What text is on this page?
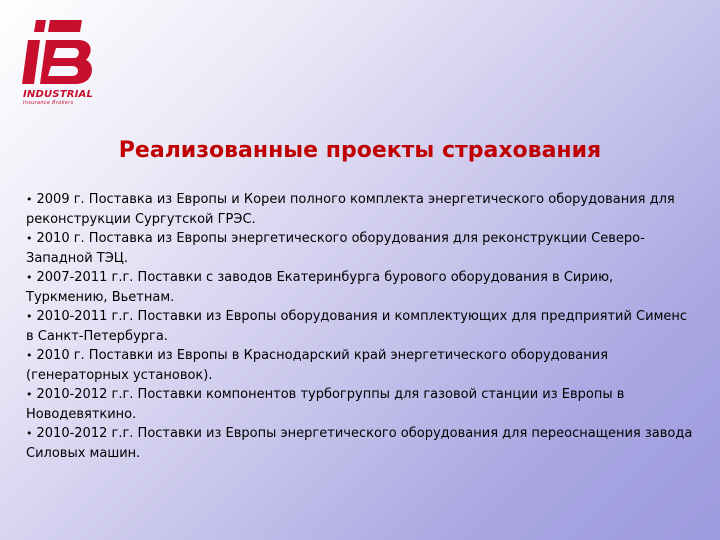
INDUSTRIAL
Insurance Brokers
Реализованные проекты страхования
• 2009 г. Поставка из Европы и Кореи полного комплекта энергетического оборудования для реконструкции Сургутской ГРЭС.
• 2010 г. Поставка из Европы энергетического оборудования для реконструкции Северо-Западной ТЭЦ.
• 2007-2011 г.г. Поставки с заводов Екатеринбурга бурового оборудования в Сирию, Туркмению, Вьетнам.
• 2010-2011 г.г. Поставки из Европы оборудования и комплектующих для предприятий Сименс в Санкт-Петербурга.
• 2010 г. Поставки из Европы в Краснодарский край энергетического оборудования (генераторных установок).
• 2010-2012 г.г. Поставки компонентов турбогруппы для газовой станции из Европы в Новодевяткино.
• 2010-2012 г.г. Поставки из Европы энергетического оборудования для переоснащения завода Силовых машин.
